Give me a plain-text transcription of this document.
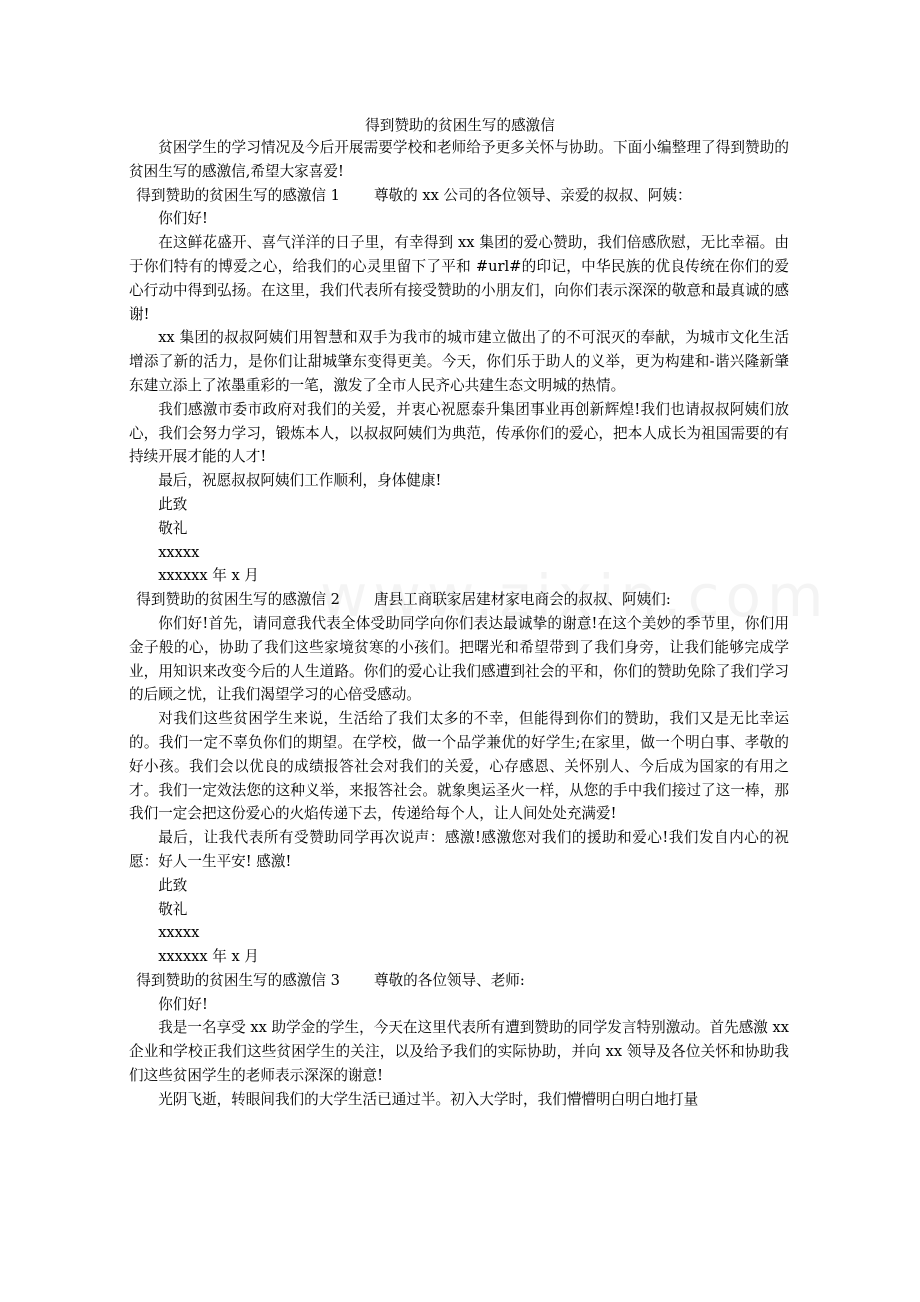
得到赞助的贫困生写的感激信

贫困学生的学习情况及今后开展需要学校和老师给予更多关怀与协助。下面小编整理了得到赞助的贫困生写的感激信,希望大家喜爱!

得到赞助的贫困生写的感激信 1 尊敬的 xx 公司的各位领导、亲爱的叔叔、阿姨：

你们好!

在这鲜花盛开、喜气洋洋的日子里，有幸得到 xx 集团的爱心赞助，我们倍感欣慰，无比幸福。由于你们特有的博爱之心，给我们的心灵里留下了平和 #url#的印记，中华民族的优良传统在你们的爱心行动中得到弘扬。在这里，我们代表所有接受赞助的小朋友们，向你们表示深深的敬意和最真诚的感谢!

xx 集团的叔叔阿姨们用智慧和双手为我市的城市建立做出了的不可泯灭的奉献，为城市文化生活增添了新的活力，是你们让甜城肇东变得更美。今天，你们乐于助人的义举，更为构建和-谐兴隆新肇东建立添上了浓墨重彩的一笔，激发了全市人民齐心共建生态文明城的热情。

我们感激市委市政府对我们的关爱，并衷心祝愿泰升集团事业再创新辉煌!我们也请叔叔阿姨们放心，我们会努力学习，锻炼本人，以叔叔阿姨们为典范，传承你们的爱心，把本人成长为祖国需要的有持续开展才能的人才!

最后，祝愿叔叔阿姨们工作顺利，身体健康!

此致

敬礼

xxxxx

xxxxxx 年 x 月

得到赞助的贫困生写的感激信 2 唐县工商联家居建材家电商会的叔叔、阿姨们:

你们好!首先，请同意我代表全体受助同学向你们表达最诚挚的谢意!在这个美妙的季节里，你们用金子般的心，协助了我们这些家境贫寒的小孩们。把曙光和希望带到了我们身旁，让我们能够完成学业，用知识来改变今后的人生道路。你们的爱心让我们感遭到社会的平和，你们的赞助免除了我们学习的后顾之忧，让我们渴望学习的心倍受感动。

对我们这些贫困学生来说，生活给了我们太多的不幸，但能得到你们的赞助，我们又是无比幸运的。我们一定不辜负你们的期望。在学校，做一个品学兼优的好学生;在家里，做一个明白事、孝敬的好小孩。我们会以优良的成绩报答社会对我们的关爱，心存感恩、关怀别人、今后成为国家的有用之才。我们一定效法您的这种义举，来报答社会。就象奥运圣火一样，从您的手中我们接过了这一棒，那我们一定会把这份爱心的火焰传递下去，传递给每个人，让人间处处充满爱!

最后，让我代表所有受赞助同学再次说声：感激!感激您对我们的援助和爱心!我们发自内心的祝愿：好人一生平安! 感激!

此致

敬礼

xxxxx

xxxxxx 年 x 月

得到赞助的贫困生写的感激信 3 尊敬的各位领导、老师:

你们好!

我是一名享受 xx 助学金的学生，今天在这里代表所有遭到赞助的同学发言特别激动。首先感激 xx 企业和学校正我们这些贫困学生的关注，以及给予我们的实际协助，并向 xx 领导及各位关怀和协助我们这些贫困学生的老师表示深深的谢意!

光阴飞逝，转眼间我们的大学生活已通过半。初入大学时，我们懵懵明白明白地打量
